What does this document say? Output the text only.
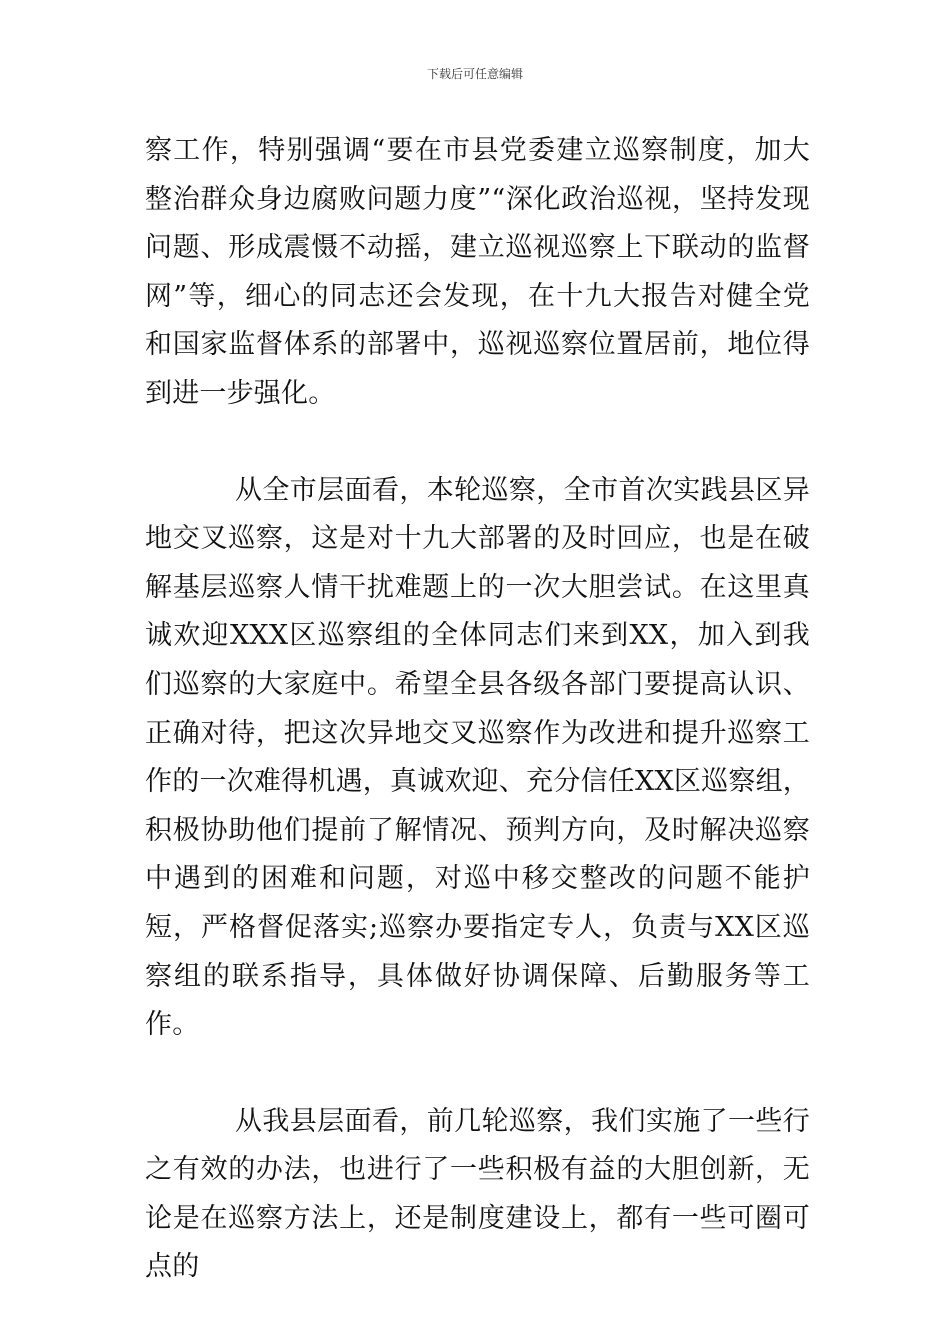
下载后可任意编辑

察工作，特别强调“要在市县党委建立巡察制度，加大整治群众身边腐败问题力度”“深化政治巡视，坚持发现问题、形成震慑不动摇，建立巡视巡察上下联动的监督网”等，细心的同志还会发现，在十九大报告对健全党和国家监督体系的部署中，巡视巡察位置居前，地位得到进一步强化。

从全市层面看，本轮巡察，全市首次实践县区异地交叉巡察，这是对十九大部署的及时回应，也是在破解基层巡察人情干扰难题上的一次大胆尝试。在这里真诚欢迎XXX区巡察组的全体同志们来到XX，加入到我们巡察的大家庭中。希望全县各级各部门要提高认识、正确对待，把这次异地交叉巡察作为改进和提升巡察工作的一次难得机遇，真诚欢迎、充分信任XX区巡察组，积极协助他们提前了解情况、预判方向，及时解决巡察中遇到的困难和问题，对巡中移交整改的问题不能护短，严格督促落实;巡察办要指定专人，负责与XX区巡察组的联系指导，具体做好协调保障、后勤服务等工作。

从我县层面看，前几轮巡察，我们实施了一些行之有效的办法，也进行了一些积极有益的大胆创新，无论是在巡察方法上，还是制度建设上，都有一些可圈可点的
